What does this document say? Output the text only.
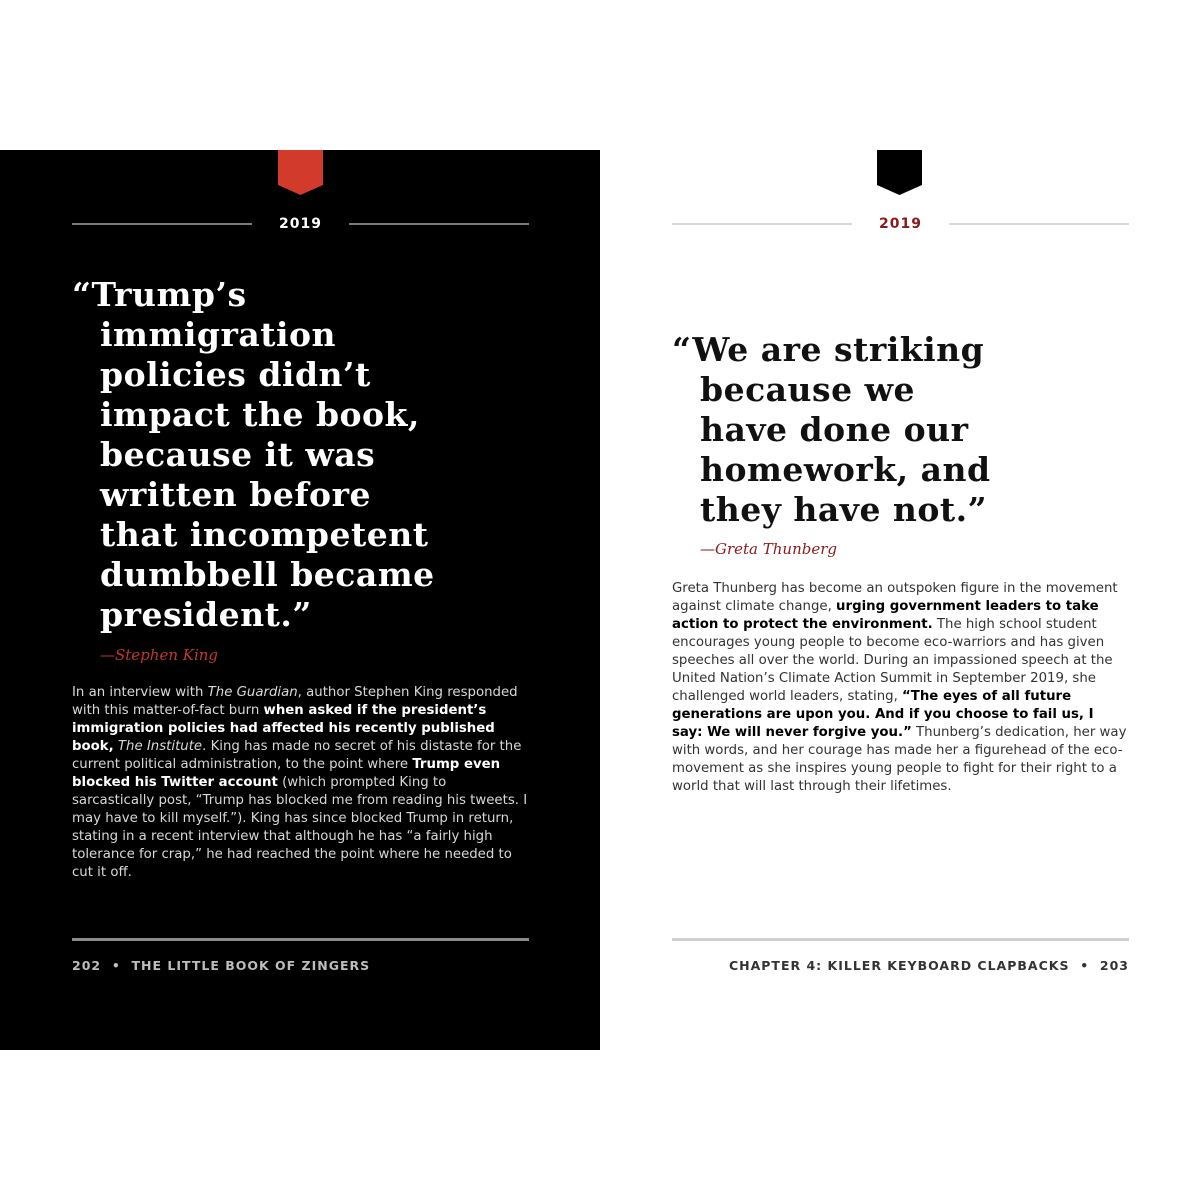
2019

“Trump’s
immigration
policies didn’t
impact the book,
because it was
written before
that incompetent
dumbbell became
president.”

—Stephen King

In an interview with The Guardian, author Stephen King responded with this matter-of-fact burn when asked if the president’s immigration policies had affected his recently published book, The Institute. King has made no secret of his distaste for the current political administration, to the point where Trump even blocked his Twitter account (which prompted King to sarcastically post, “Trump has blocked me from reading his tweets. I may have to kill myself.”). King has since blocked Trump in return, stating in a recent interview that although he has “a fairly high tolerance for crap,” he had reached the point where he needed to cut it off.

202 • THE LITTLE BOOK OF ZINGERS
2019

“We are striking
because we
have done our
homework, and
they have not.”

—Greta Thunberg

Greta Thunberg has become an outspoken figure in the movement against climate change, urging government leaders to take action to protect the environment. The high school student encourages young people to become eco-warriors and has given speeches all over the world. During an impassioned speech at the United Nation’s Climate Action Summit in September 2019, she challenged world leaders, stating, “The eyes of all future generations are upon you. And if you choose to fail us, I say: We will never forgive you.” Thunberg’s dedication, her way with words, and her courage has made her a figurehead of the eco-movement as she inspires young people to fight for their right to a world that will last through their lifetimes.

CHAPTER 4: KILLER KEYBOARD CLAPBACKS • 203
